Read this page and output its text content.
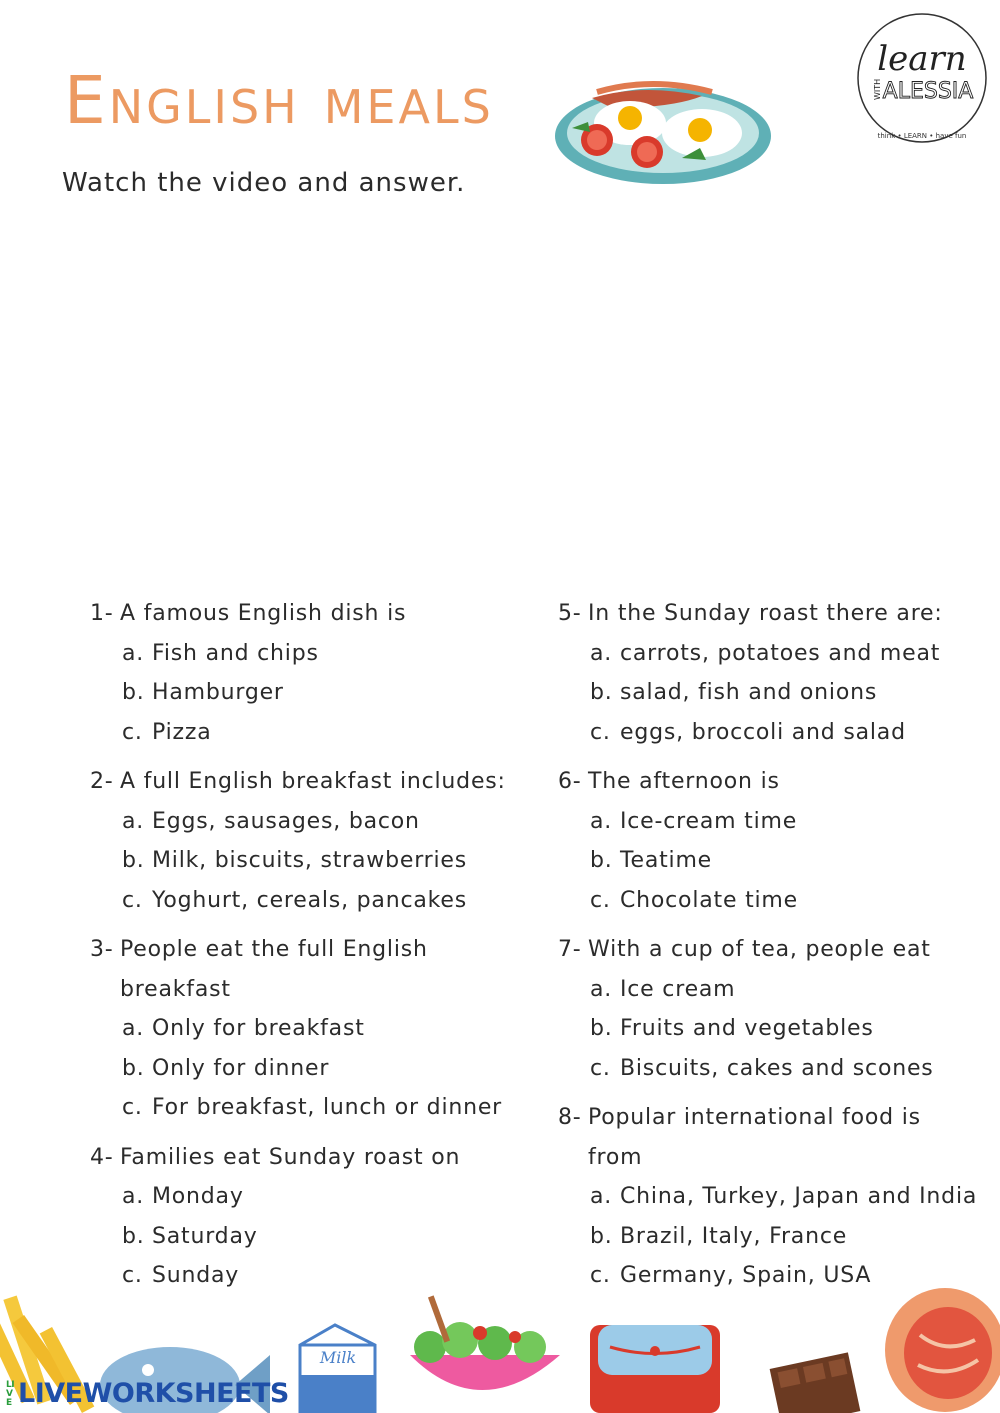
English meals
Watch the video and answer.
learn
WITH ALESSIA
think • LEARN • have fun
1- A famous English dish is
a. Fish and chips
b. Hamburger
c. Pizza
2- A full English breakfast includes:
a. Eggs, sausages, bacon
b. Milk, biscuits, strawberries
c. Yoghurt, cereals, pancakes
3- People eat the full English breakfast
a. Only for breakfast
b. Only for dinner
c. For breakfast, lunch or dinner
4- Families eat Sunday roast on
a. Monday
b. Saturday
c. Sunday
5- In the Sunday roast there are:
a. carrots, potatoes and meat
b. salad, fish and onions
c. eggs, broccoli and salad
6- The afternoon is
a. Ice-cream time
b. Teatime
c. Chocolate time
7- With a cup of tea, people eat
a. Ice cream
b. Fruits and vegetables
c. Biscuits, cakes and scones
8- Popular international food is from
a. China, Turkey, Japan and India
b. Brazil, Italy, France
c. Germany, Spain, USA
Milk
LIVE LIVEWORKSHEETS
